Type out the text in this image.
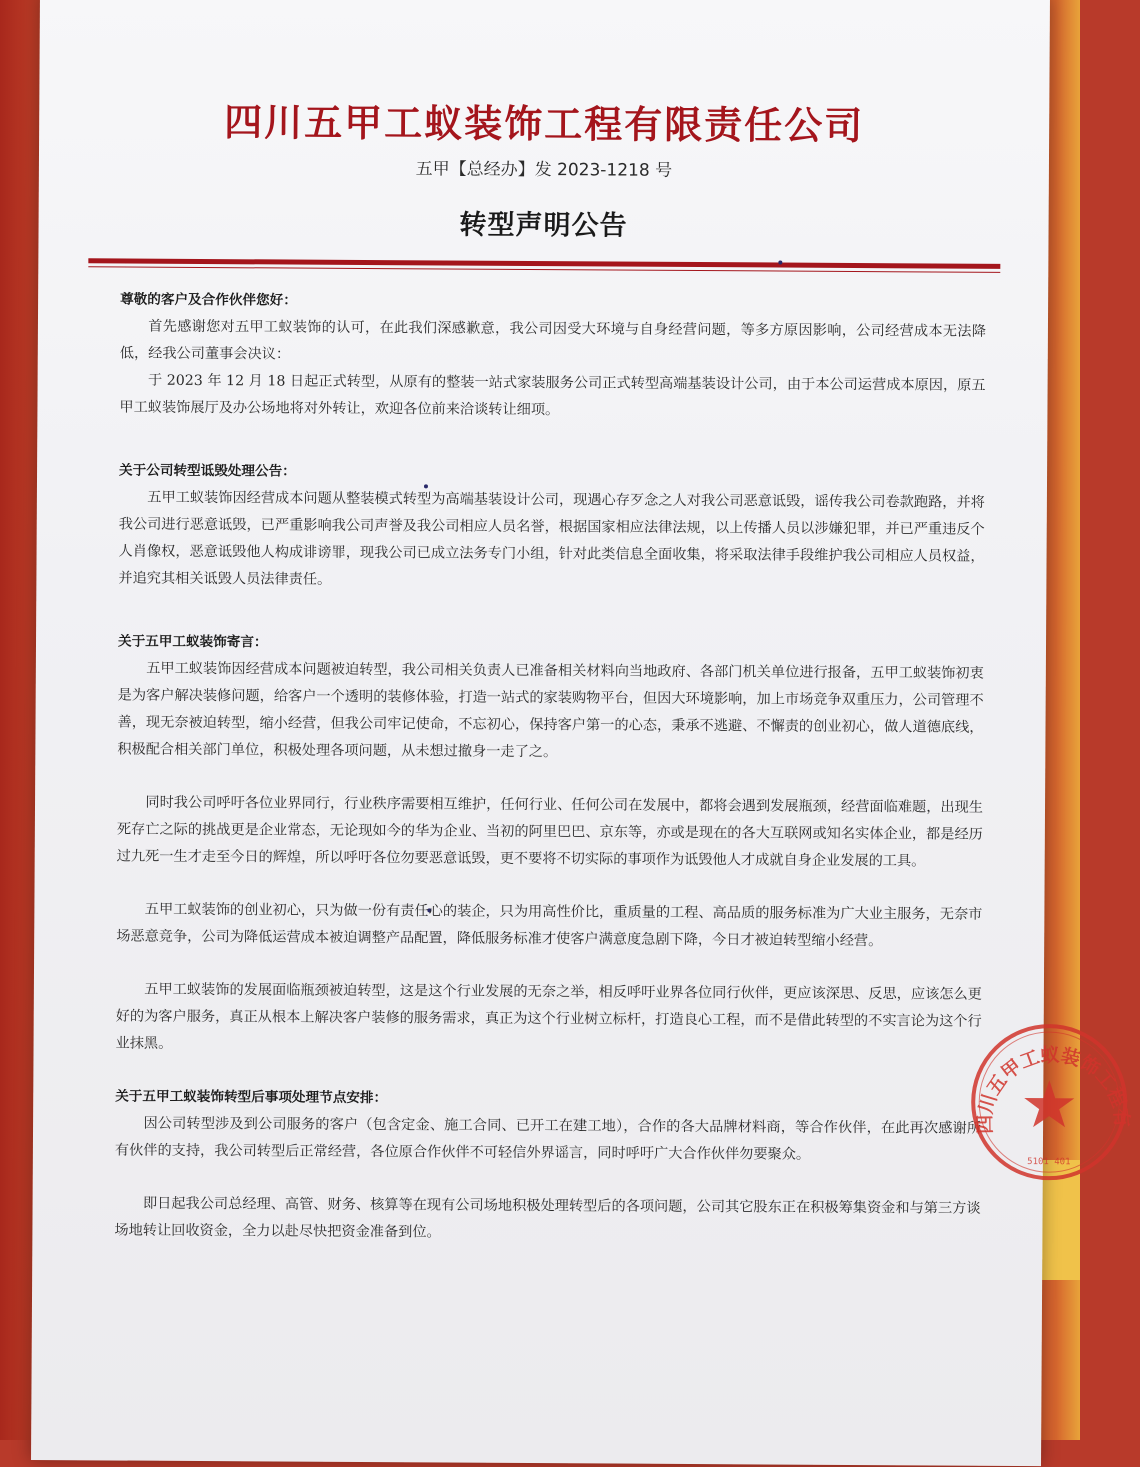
四川五甲工蚁装饰工程有限责任公司
五甲【总经办】发 2023-1218 号
转型声明公告
尊敬的客户及合作伙伴您好：

首先感谢您对五甲工蚁装饰的认可，在此我们深感歉意，我公司因受大环境与自身经营问题，等多方原因影响，公司经营成本无法降低，经我公司董事会决议：

于 2023 年 12 月 18 日起正式转型，从原有的整装一站式家装服务公司正式转型高端基装设计公司，由于本公司运营成本原因，原五甲工蚁装饰展厅及办公场地将对外转让，欢迎各位前来洽谈转让细项。

关于公司转型诋毁处理公告：

五甲工蚁装饰因经营成本问题从整装模式转型为高端基装设计公司，现遇心存歹念之人对我公司恶意诋毁，谣传我公司卷款跑路，并将我公司进行恶意诋毁，已严重影响我公司声誉及我公司相应人员名誉，根据国家相应法律法规，以上传播人员以涉嫌犯罪，并已严重违反个人肖像权，恶意诋毁他人构成诽谤罪，现我公司已成立法务专门小组，针对此类信息全面收集，将采取法律手段维护我公司相应人员权益，并追究其相关诋毁人员法律责任。

关于五甲工蚁装饰寄言：

五甲工蚁装饰因经营成本问题被迫转型，我公司相关负责人已准备相关材料向当地政府、各部门机关单位进行报备，五甲工蚁装饰初衷是为客户解决装修问题，给客户一个透明的装修体验，打造一站式的家装购物平台，但因大环境影响，加上市场竞争双重压力，公司管理不善，现无奈被迫转型，缩小经营，但我公司牢记使命，不忘初心，保持客户第一的心态，秉承不逃避、不懈责的创业初心，做人道德底线，积极配合相关部门单位，积极处理各项问题，从未想过撤身一走了之。

同时我公司呼吁各位业界同行，行业秩序需要相互维护，任何行业、任何公司在发展中，都将会遇到发展瓶颈，经营面临难题，出现生死存亡之际的挑战更是企业常态，无论现如今的华为企业、当初的阿里巴巴、京东等，亦或是现在的各大互联网或知名实体企业，都是经历过九死一生才走至今日的辉煌，所以呼吁各位勿要恶意诋毁，更不要将不切实际的事项作为诋毁他人才成就自身企业发展的工具。

五甲工蚁装饰的创业初心，只为做一份有责任心的装企，只为用高性价比，重质量的工程、高品质的服务标准为广大业主服务，无奈市场恶意竞争，公司为降低运营成本被迫调整产品配置，降低服务标准才使客户满意度急剧下降，今日才被迫转型缩小经营。

五甲工蚁装饰的发展面临瓶颈被迫转型，这是这个行业发展的无奈之举，相反呼吁业界各位同行伙伴，更应该深思、反思，应该怎么更好的为客户服务，真正从根本上解决客户装修的服务需求，真正为这个行业树立标杆，打造良心工程，而不是借此转型的不实言论为这个行业抹黑。

关于五甲工蚁装饰转型后事项处理节点安排：

因公司转型涉及到公司服务的客户（包含定金、施工合同、已开工在建工地），合作的各大品牌材料商，等合作伙伴，在此再次感谢所有伙伴的支持，我公司转型后正常经营，各位原合作伙伴不可轻信外界谣言，同时呼吁广大合作伙伴勿要聚众。

即日起我公司总经理、高管、财务、核算等在现有公司场地积极处理转型后的各项问题，公司其它股东正在积极筹集资金和与第三方谈场地转让回收资金，全力以赴尽快把资金准备到位。

四川五甲工蚁装饰工程有
5101 401
